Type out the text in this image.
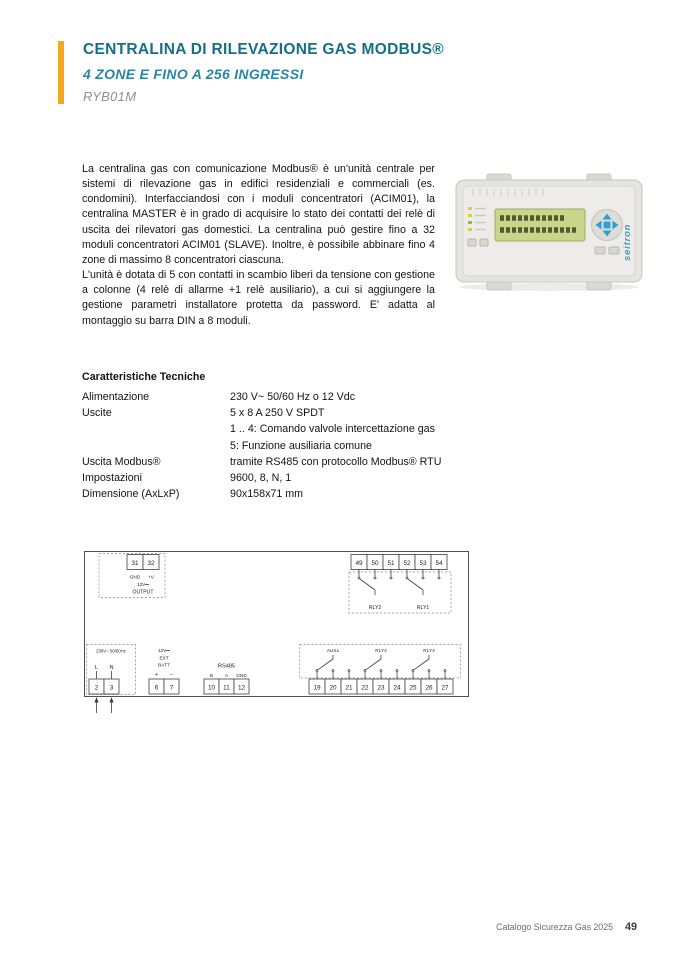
CENTRALINA DI RILEVAZIONE GAS MODBUS®
4 ZONE E FINO A 256 INGRESSI
RYB01M

La centralina gas con comunicazione Modbus® è un'unità centrale per sistemi di rilevazione gas in edifici residenziali e commerciali (es. condomini). Interfacciandosi con i moduli concentratori (ACIM01), la centralina MASTER è in grado di acquisire lo stato dei contatti dei relè di uscita dei rilevatori gas domestici. La centralina può gestire fino a 32 moduli concentratori ACIM01 (SLAVE). Inoltre, è possibile abbinare fino 4 zone di massimo 8 concentratori ciascuna.

L'unità è dotata di 5 con contatti in scambio liberi da tensione con gestione a colonne (4 relè di allarme +1 relè ausiliario), a cui si aggiungere la gestione parametri installatore protetta da password. E' adatta al montaggio su barra DIN a 8 moduli.

seitron
Caratteristiche Tecniche
Alimentazione	230 V~ 50/60 Hz o 12 Vdc
Uscite	5 x 8 A 250 V SPDT
1 .. 4: Comando valvole intercettazione gas
5: Funzione ausiliaria comune
Uscita Modbus®	tramite RS485 con protocollo Modbus® RTU
Impostazioni	9600, 8, N, 1
Dimensione (AxLxP)	90x158x71 mm
31 32
GND +V
12V⎓
OUTPUT
49 50 51 52 53 54
RLY2	RLY1
230V~ 50/60Hz
L N
2 3
12V⎓
EXT
BATT
+ −
6 7
RS485
B	A GND
10 11 12
AUX1	RLY4	RLY3
19 20 21 22 23 24 25 26 27
Catalogo Sicurezza Gas 2025 49
